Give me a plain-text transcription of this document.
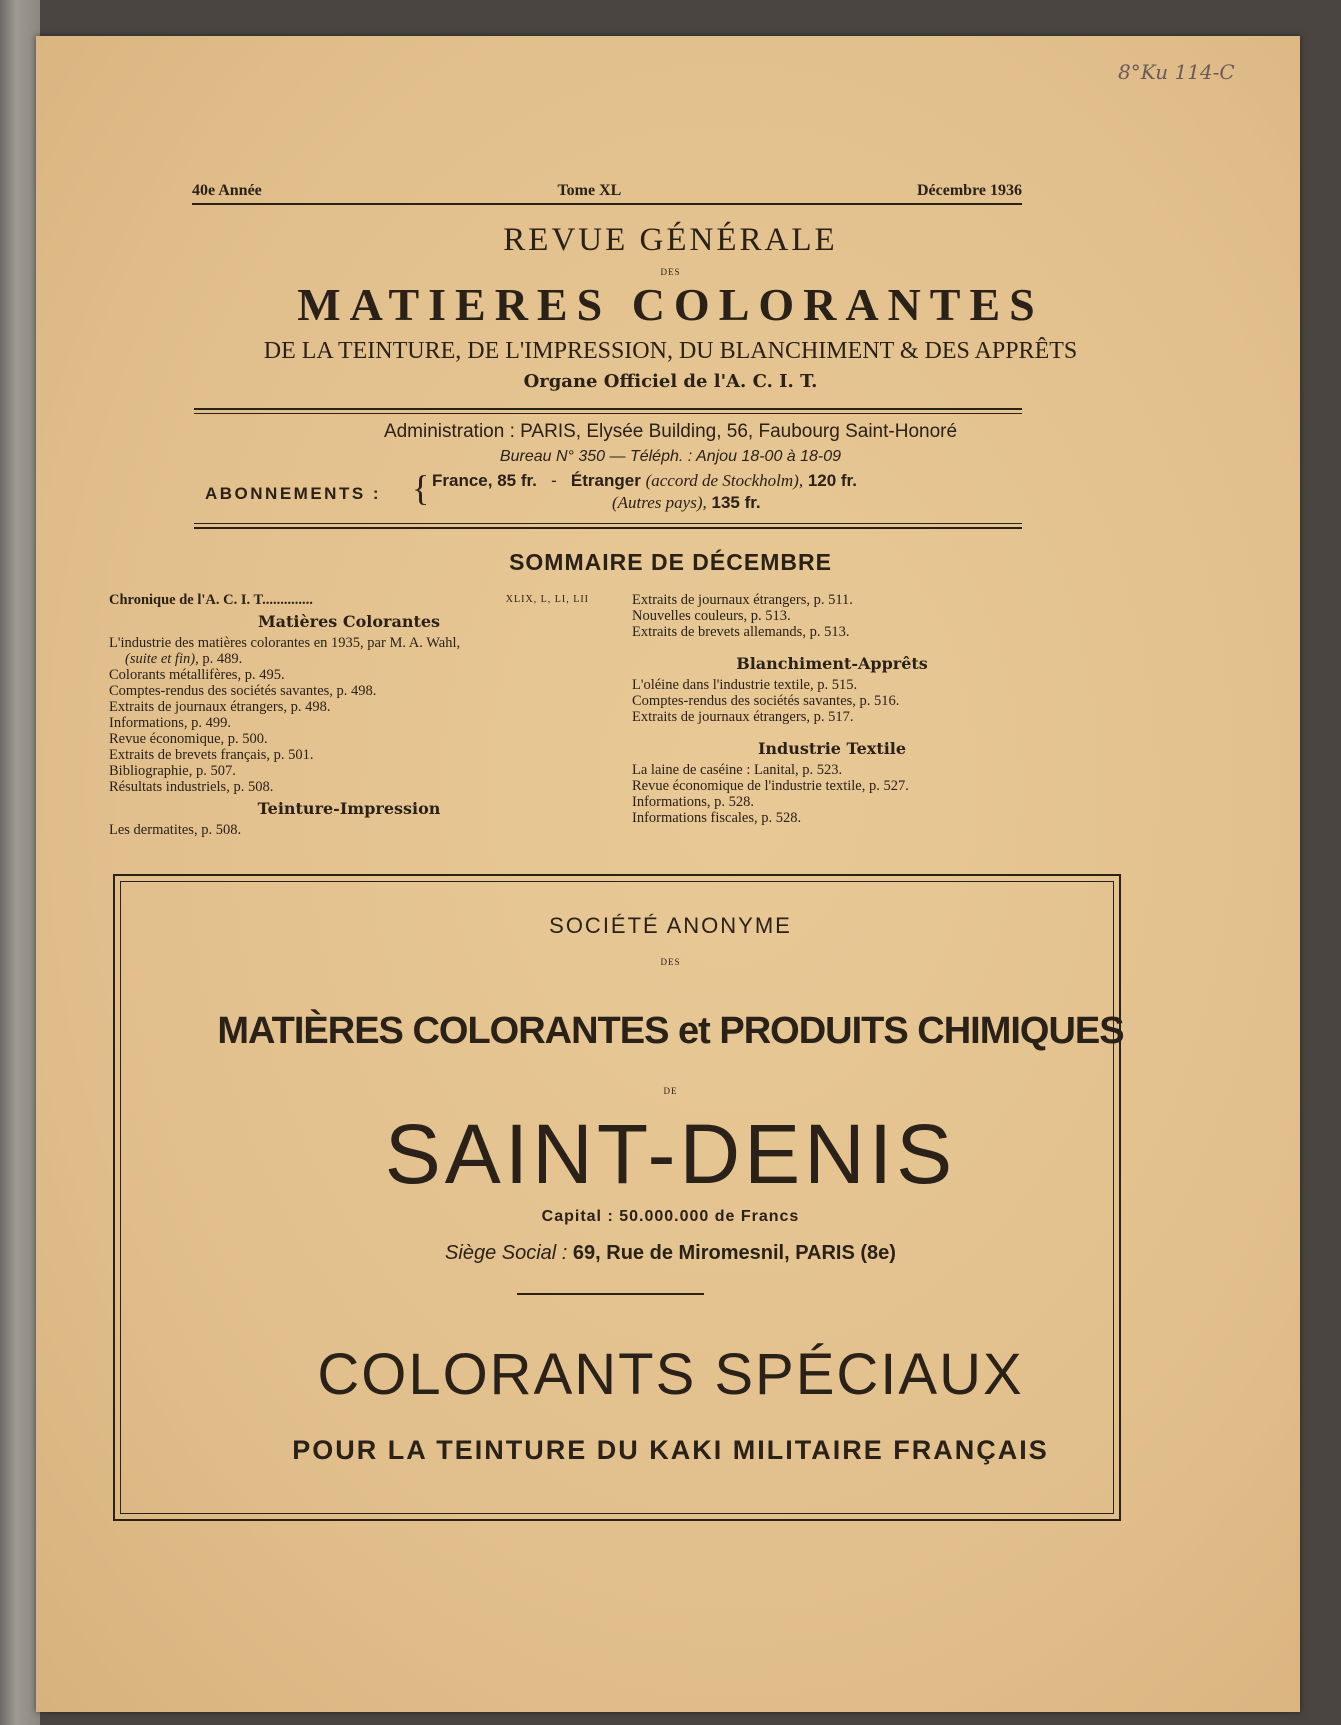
8°Ku 114-C
40e Année	Tome XL	Décembre 1936
REVUE GÉNÉRALE
DES
MATIERES COLORANTES
DE LA TEINTURE, DE L'IMPRESSION, DU BLANCHIMENT & DES APPRÊTS
Organe Officiel de l'A. C. I. T.
Administration : PARIS, Elysée Building, 56, Faubourg Saint-Honoré
Bureau N° 350 — Téléph. : Anjou 18-00 à 18-09
ABONNEMENTS : { France, 85 fr. - Étranger (accord de Stockholm), 120 fr.
(Autres pays), 135 fr.
SOMMAIRE DE DÉCEMBRE
Chronique de l'A. C. I. T..............	XLIX, L, LI, LII
Matières Colorantes
L'industrie des matières colorantes en 1935, par M. A. Wahl,
(suite et fin), p. 489.
Colorants métallifères, p. 495.
Comptes-rendus des sociétés savantes, p. 498.
Extraits de journaux étrangers, p. 498.
Informations, p. 499.
Revue économique, p. 500.
Extraits de brevets français, p. 501.
Bibliographie, p. 507.
Résultats industriels, p. 508.
Teinture-Impression
Les dermatites, p. 508.
Extraits de journaux étrangers, p. 511.
Nouvelles couleurs, p. 513.
Extraits de brevets allemands, p. 513.
Blanchiment-Apprêts
L'oléine dans l'industrie textile, p. 515.
Comptes-rendus des sociétés savantes, p. 516.
Extraits de journaux étrangers, p. 517.
Industrie Textile
La laine de caséine : Lanital, p. 523.
Revue économique de l'industrie textile, p. 527.
Informations, p. 528.
Informations fiscales, p. 528.
SOCIÉTÉ ANONYME
DES
MATIÈRES COLORANTES et PRODUITS CHIMIQUES
DE
SAINT-DENIS
Capital : 50.000.000 de Francs
Siège Social : 69, Rue de Miromesnil, PARIS (8e)
COLORANTS SPÉCIAUX
POUR LA TEINTURE DU KAKI MILITAIRE FRANÇAIS
